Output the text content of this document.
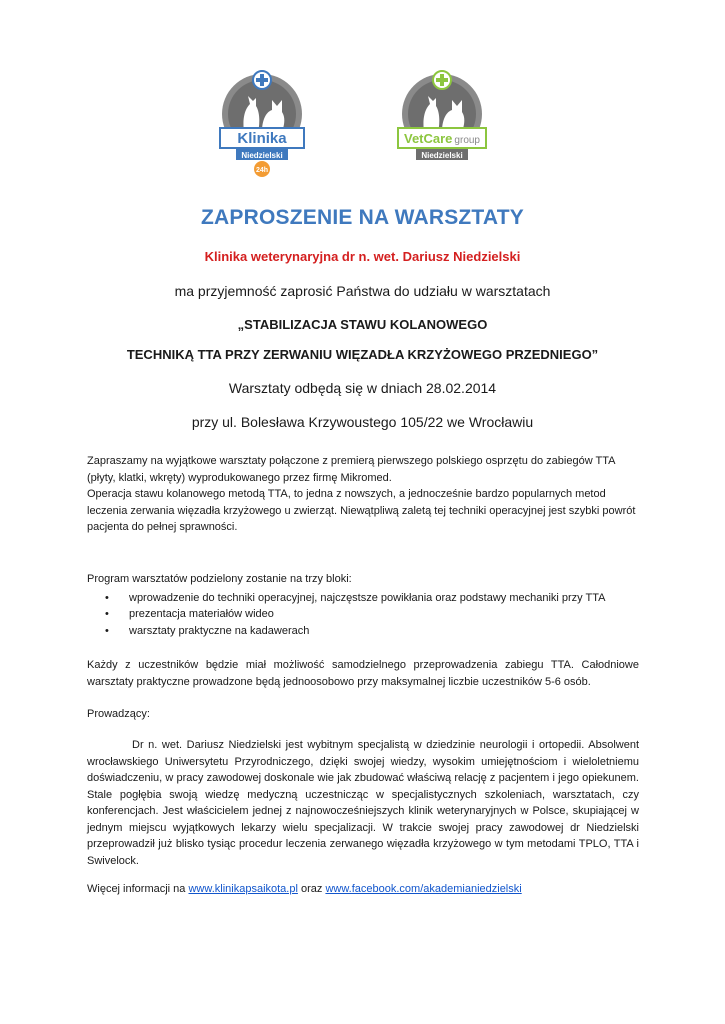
Klinika
Niedzielski
24h
VetCare group
Niedzielski
ZAPROSZENIE NA WARSZTATY

Klinika weterynaryjna dr n. wet. Dariusz Niedzielski

ma przyjemność zaprosić Państwa do udziału w warsztatach

„STABILIZACJA STAWU KOLANOWEGO

TECHNIKĄ TTA PRZY ZERWANIU WIĘZADŁA KRZYŻOWEGO PRZEDNIEGO”

Warsztaty odbędą się w dniach 28.02.2014

przy ul. Bolesława Krzywoustego 105/22 we Wrocławiu

Zapraszamy na wyjątkowe warsztaty połączone z premierą pierwszego polskiego osprzętu do zabiegów TTA (płyty, klatki, wkręty) wyprodukowanego przez firmę Mikromed.
Operacja stawu kolanowego metodą TTA, to jedna z nowszych, a jednocześnie bardzo popularnych metod leczenia zerwania więzadła krzyżowego u zwierząt. Niewątpliwą zaletą tej techniki operacyjnej jest szybki powrót pacjenta do pełnej sprawności.
Program warsztatów podzielony zostanie na trzy bloki:
• wprowadzenie do techniki operacyjnej, najczęstsze powikłania oraz podstawy mechaniki przy TTA
• prezentacja materiałów wideo
• warsztaty praktyczne na kadawerach

Każdy z uczestników będzie miał możliwość samodzielnego przeprowadzenia zabiegu TTA. Całodniowe warsztaty praktyczne prowadzone będą jednoosobowo przy maksymalnej liczbie uczestników 5-6 osób.

Prowadzący:

Dr n. wet. Dariusz Niedzielski jest wybitnym specjalistą w dziedzinie neurologii i ortopedii. Absolwent wrocławskiego Uniwersytetu Przyrodniczego, dzięki swojej wiedzy, wysokim umiejętnościom i wieloletniemu doświadczeniu, w pracy zawodowej doskonale wie jak zbudować właściwą relację z pacjentem i jego opiekunem. Stale pogłębia swoją wiedzę medyczną uczestnicząc w specjalistycznych szkoleniach, warsztatach, czy konferencjach. Jest właścicielem jednej z najnowocześniejszych klinik weterynaryjnych w Polsce, skupiającej w jednym miejscu wyjątkowych lekarzy wielu specjalizacji. W trakcie swojej pracy zawodowej dr Niedzielski przeprowadził już blisko tysiąc procedur leczenia zerwanego więzadła krzyżowego w tym metodami TPLO, TTA i Swivelock.

Więcej informacji na www.klinikapsaikota.pl oraz www.facebook.com/akademianiedzielski
